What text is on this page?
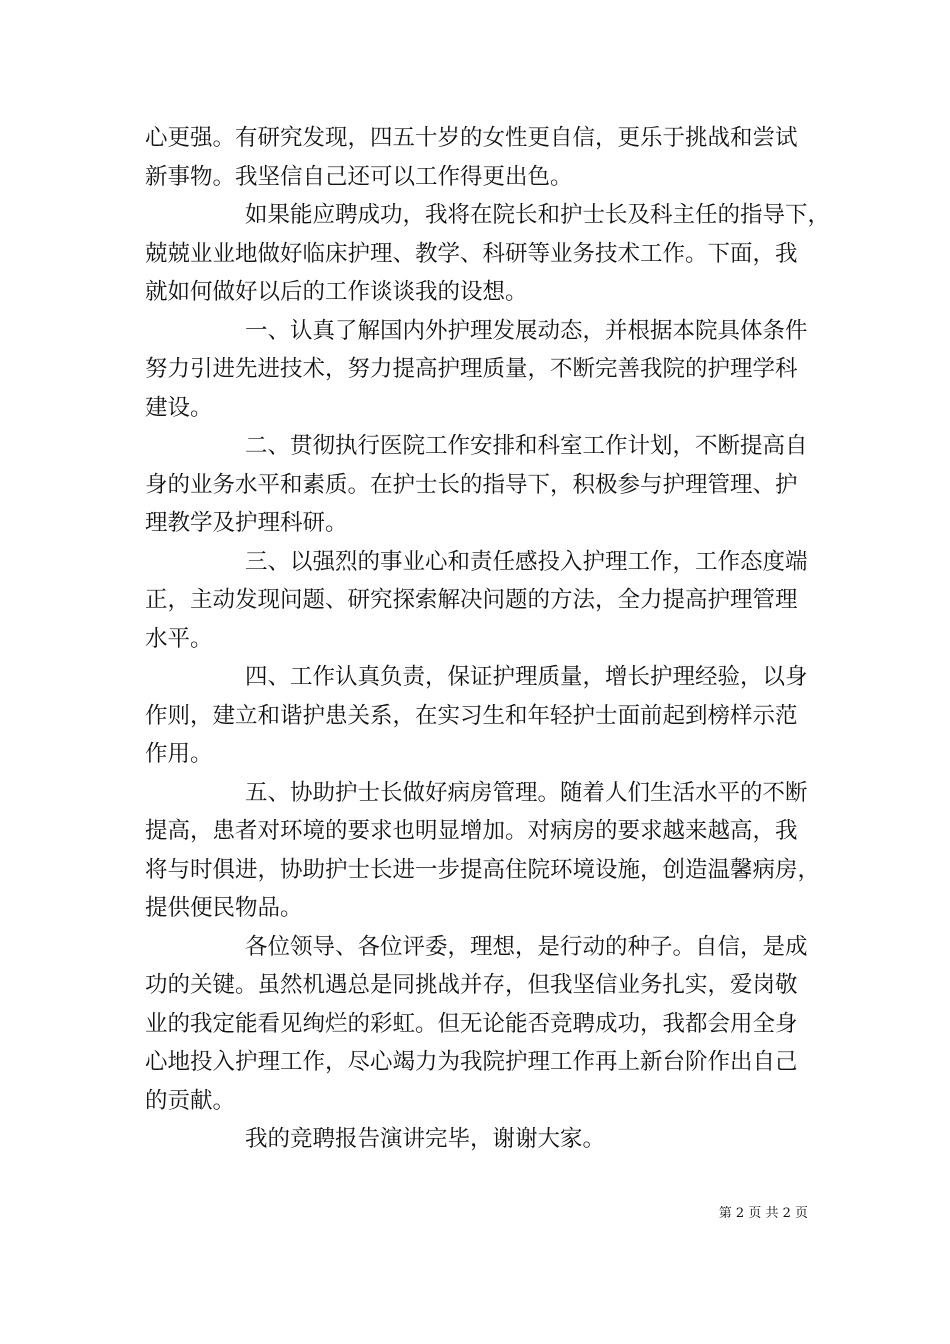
心更强。有研究发现，四五十岁的女性更自信，更乐于挑战和尝试
新事物。我坚信自己还可以工作得更出色。
如果能应聘成功，我将在院长和护士长及科主任的指导下，
兢兢业业地做好临床护理、教学、科研等业务技术工作。下面，我
就如何做好以后的工作谈谈我的设想。
一、认真了解国内外护理发展动态，并根据本院具体条件
努力引进先进技术，努力提高护理质量，不断完善我院的护理学科
建设。
二、贯彻执行医院工作安排和科室工作计划，不断提高自
身的业务水平和素质。在护士长的指导下，积极参与护理管理、护
理教学及护理科研。
三、以强烈的事业心和责任感投入护理工作，工作态度端
正，主动发现问题、研究探索解决问题的方法，全力提高护理管理
水平。
四、工作认真负责，保证护理质量，增长护理经验，以身
作则，建立和谐护患关系，在实习生和年轻护士面前起到榜样示范
作用。
五、协助护士长做好病房管理。随着人们生活水平的不断
提高，患者对环境的要求也明显增加。对病房的要求越来越高，我
将与时俱进，协助护士长进一步提高住院环境设施，创造温馨病房，
提供便民物品。
各位领导、各位评委，理想，是行动的种子。自信，是成
功的关键。虽然机遇总是同挑战并存，但我坚信业务扎实，爱岗敬
业的我定能看见绚烂的彩虹。但无论能否竞聘成功，我都会用全身
心地投入护理工作，尽心竭力为我院护理工作再上新台阶作出自己
的贡献。
我的竞聘报告演讲完毕，谢谢大家。
第 2 页 共 2 页
